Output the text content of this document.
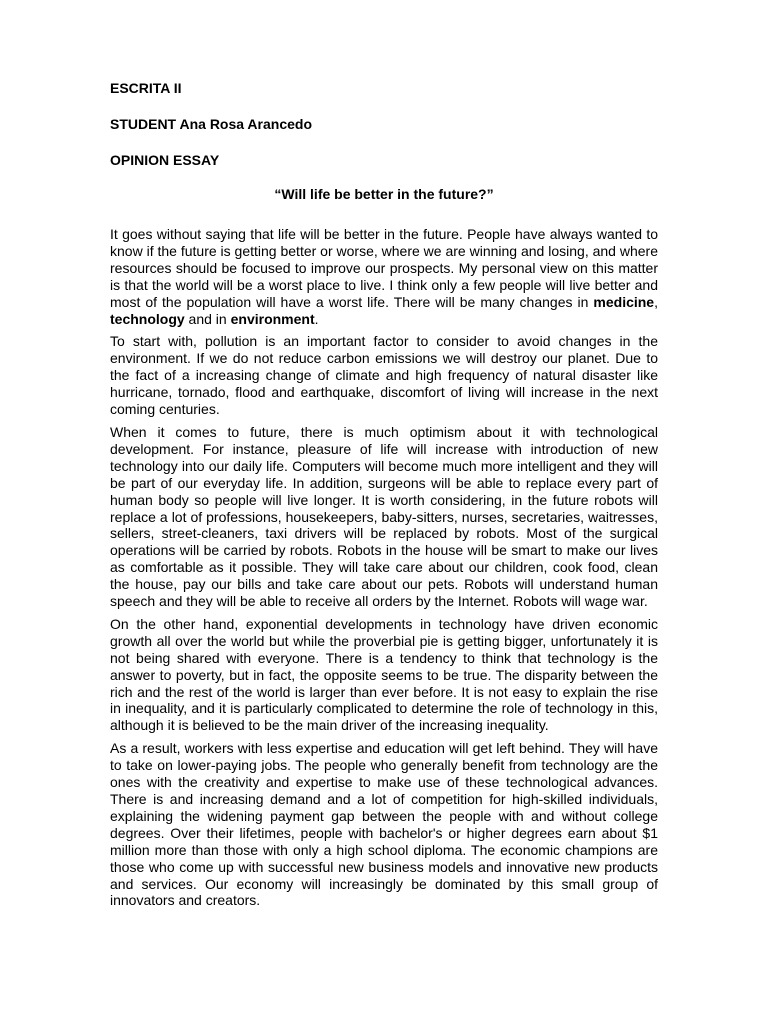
ESCRITA II

STUDENT Ana Rosa Arancedo

OPINION ESSAY

“Will life be better in the future?”

It goes without saying that life will be better in the future. People have always wanted to know if the future is getting better or worse, where we are winning and losing, and where resources should be focused to improve our prospects. My personal view on this matter is that the world will be a worst place to live. I think only a few people will live better and most of the population will have a worst life. There will be many changes in medicine, technology and in environment.

To start with, pollution is an important factor to consider to avoid changes in the environment. If we do not reduce carbon emissions we will destroy our planet. Due to the fact of a increasing change of climate and high frequency of natural disaster like hurricane, tornado, flood and earthquake, discomfort of living will increase in the next coming centuries.

When it comes to future, there is much optimism about it with technological development. For instance, pleasure of life will increase with introduction of new technology into our daily life. Computers will become much more intelligent and they will be part of our everyday life. In addition, surgeons will be able to replace every part of human body so people will live longer. It is worth considering, in the future robots will replace a lot of professions, housekeepers, baby-sitters, nurses, secretaries, waitresses, sellers, street-cleaners, taxi drivers will be replaced by robots. Most of the surgical operations will be carried by robots. Robots in the house will be smart to make our lives as comfortable as it possible. They will take care about our children, cook food, clean the house, pay our bills and take care about our pets. Robots will understand human speech and they will be able to receive all orders by the Internet. Robots will wage war.

On the other hand, exponential developments in technology have driven economic growth all over the world but while the proverbial pie is getting bigger, unfortunately it is not being shared with everyone. There is a tendency to think that technology is the answer to poverty, but in fact, the opposite seems to be true. The disparity between the rich and the rest of the world is larger than ever before. It is not easy to explain the rise in inequality, and it is particularly complicated to determine the role of technology in this, although it is believed to be the main driver of the increasing inequality.

As a result, workers with less expertise and education will get left behind. They will have to take on lower-paying jobs. The people who generally benefit from technology are the ones with the creativity and expertise to make use of these technological advances. There is and increasing demand and a lot of competition for high-skilled individuals, explaining the widening payment gap between the people with and without college degrees. Over their lifetimes, people with bachelor's or higher degrees earn about $1 million more than those with only a high school diploma. The economic champions are those who come up with successful new business models and innovative new products and services. Our economy will increasingly be dominated by this small group of innovators and creators.
